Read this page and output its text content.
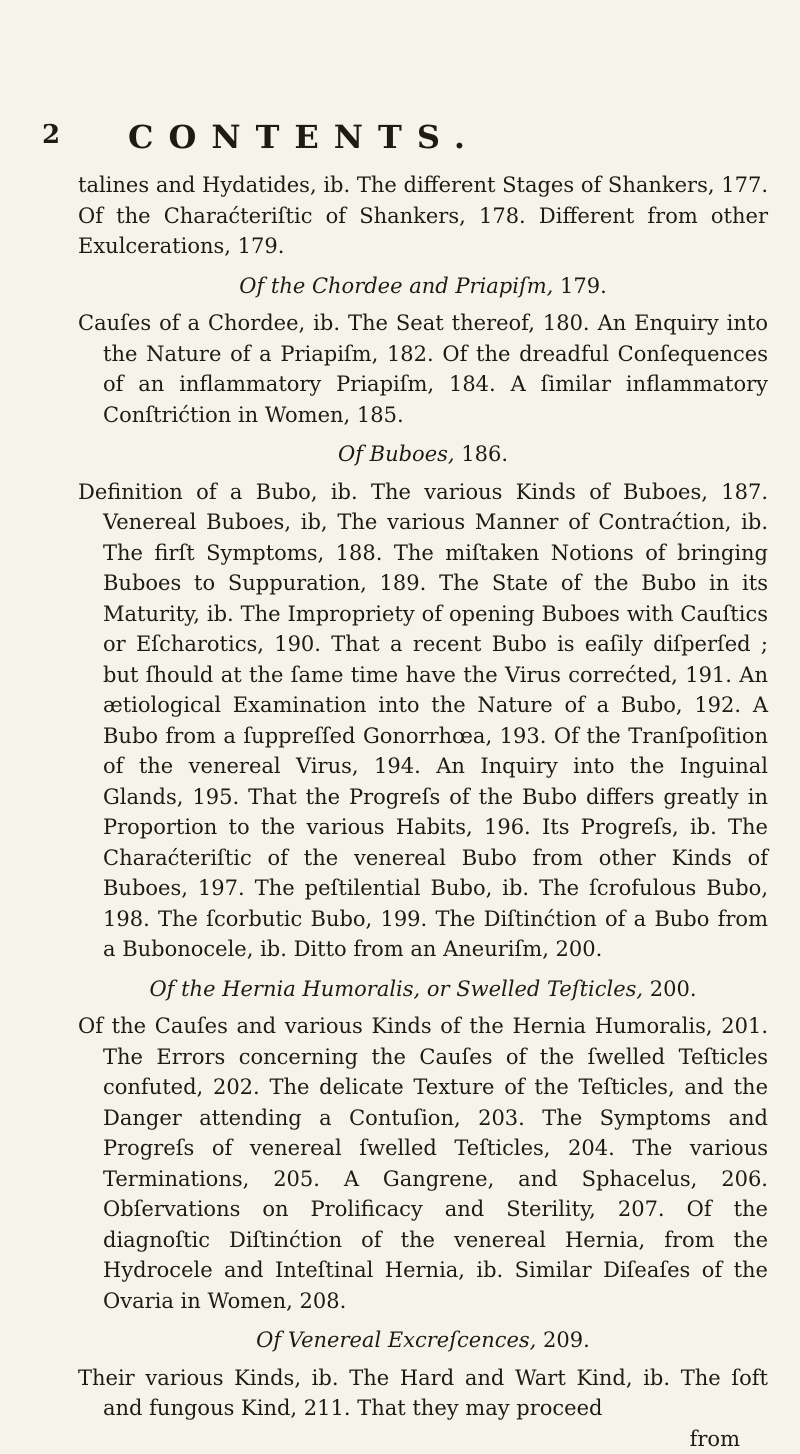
2 CONTENTS.

talines and Hydatides, ib. The different Stages of Shankers, 177. Of the Charaćteriſtic of Shankers, 178. Different from other Exulcerations, 179.

Of the Chordee and Priapiſm, 179.

Cauſes of a Chordee, ib. The Seat thereof, 180. An Enquiry into the Nature of a Priapiſm, 182. Of the dreadful Conſequences of an inflammatory Priapiſm, 184. A ſimilar inflammatory Conſtrićtion in Women, 185.

Of Buboes, 186.

Definition of a Bubo, ib. The various Kinds of Buboes, 187. Venereal Buboes, ib, The various Manner of Contraćtion, ib. The firſt Symptoms, 188. The miſtaken Notions of bringing Buboes to Suppuration, 189. The State of the Bubo in its Maturity, ib. The Impropriety of opening Buboes with Cauſtics or Eſcharotics, 190. That a recent Bubo is eaſily diſperſed ; but ſhould at the ſame time have the Virus correćted, 191. An ætiological Examination into the Nature of a Bubo, 192. A Bubo from a ſuppreſſed Gonorrhœa, 193. Of the Tranſpoſition of the venereal Virus, 194. An Inquiry into the Inguinal Glands, 195. That the Progreſs of the Bubo differs greatly in Proportion to the various Habits, 196. Its Progreſs, ib. The Charaćteriſtic of the venereal Bubo from other Kinds of Buboes, 197. The peſtilential Bubo, ib. The ſcrofulous Bubo, 198. The ſcorbutic Bubo, 199. The Diſtinćtion of a Bubo from a Bubonocele, ib. Ditto from an Aneuriſm, 200.

Of the Hernia Humoralis, or Swelled Teſticles, 200.

Of the Cauſes and various Kinds of the Hernia Humoralis, 201. The Errors concerning the Cauſes of the ſwelled Teſticles confuted, 202. The delicate Texture of the Teſticles, and the Danger attending a Contuſion, 203. The Symptoms and Progreſs of venereal ſwelled Teſticles, 204. The various Terminations, 205. A Gangrene, and Sphacelus, 206. Obſervations on Prolificacy and Sterility, 207. Of the diagnoſtic Diſtinćtion of the venereal Hernia, from the Hydrocele and Inteſtinal Hernia, ib. Similar Diſeaſes of the Ovaria in Women, 208.

Of Venereal Excreſcences, 209.

Their various Kinds, ib. The Hard and Wart Kind, ib. The ſoft and fungous Kind, 211. That they may proceed

from
